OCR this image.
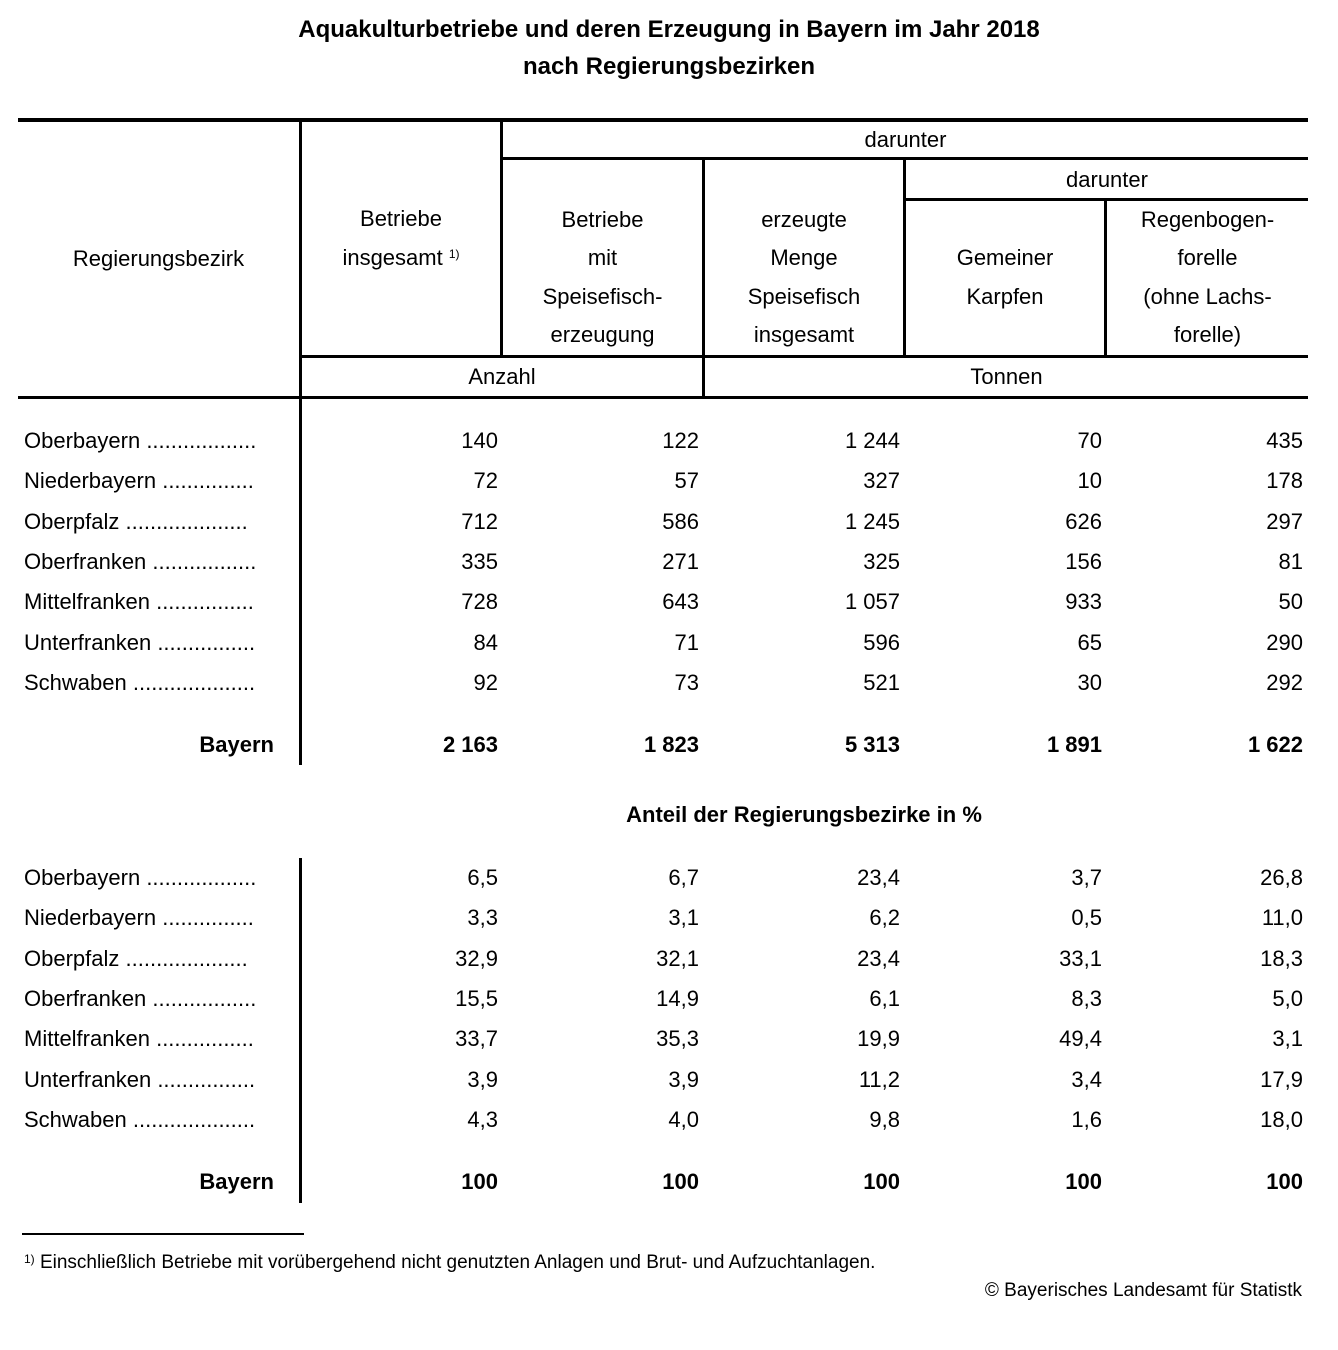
Aquakulturbetriebe und deren Erzeugung in Bayern im Jahr 2018
nach Regierungsbezirken
Regierungsbezirk
darunter
darunter
Betriebe
insgesamt $^{1)}$
Betriebe
mit
Speisefisch-
erzeugung
erzeugte
Menge
Speisefisch
insgesamt
Gemeiner
Karpfen
Regenbogen-
forelle
(ohne Lachs-
forelle)
Anzahl	Tonnen
Oberbayern ..................	140	122	1 244	70	435
Niederbayern ...............	72	57	327	10	178
Oberpfalz ....................	712	586	1 245	626	297
Oberfranken .................	335	271	325	156	81
Mittelfranken ................	728	643	1 057	933	50
Unterfranken ................	84	71	596	65	290
Schwaben ....................	92	73	521	30	292
Bayern	2 163	1 823	5 313	1 891	1 622
Anteil der Regierungsbezirke in %
Oberbayern ..................	6,5	6,7	23,4	3,7	26,8
Niederbayern ...............	3,3	3,1	6,2	0,5	11,0
Oberpfalz ....................	32,9	32,1	23,4	33,1	18,3
Oberfranken .................	15,5	14,9	6,1	8,3	5,0
Mittelfranken ................	33,7	35,3	19,9	49,4	3,1
Unterfranken ................	3,9	3,9	11,2	3,4	17,9
Schwaben ....................	4,3	4,0	9,8	1,6	18,0
Bayern	100	100	100	100	100
$^{1)}$ Einschließlich Betriebe mit vorübergehend nicht genutzten Anlagen und Brut- und Aufzuchtanlagen.
© Bayerisches Landesamt für Statistk
